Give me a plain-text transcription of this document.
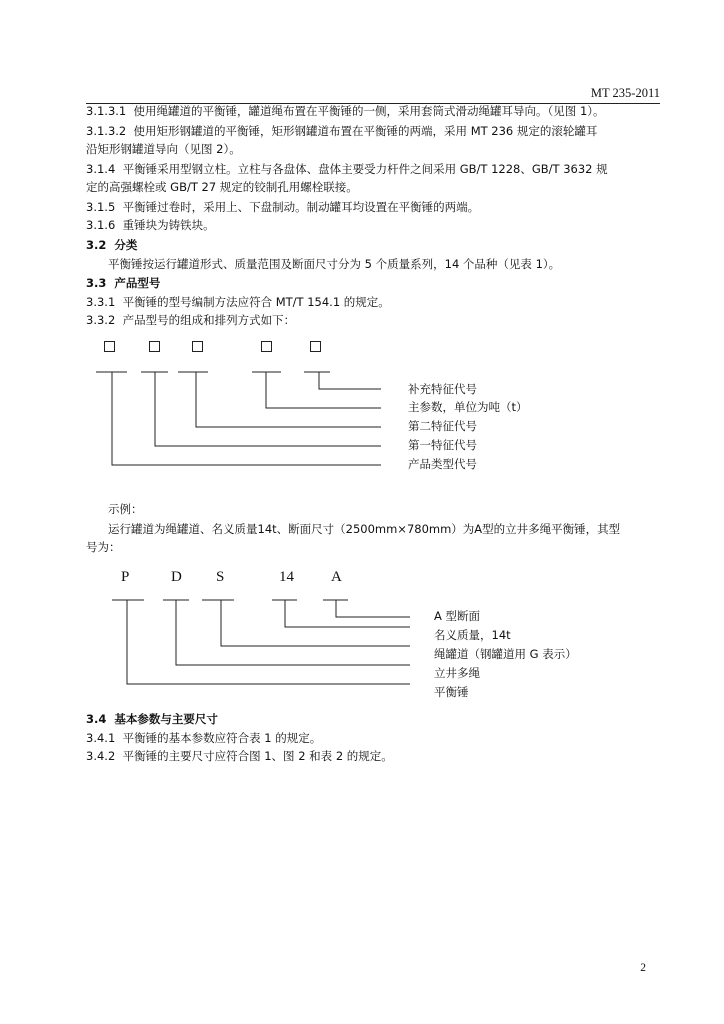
MT 235-2011
3.1.3.1 使用绳罐道的平衡锤，罐道绳布置在平衡锤的一侧，采用套筒式滑动绳罐耳导向。（见图 1）。
3.1.3.2 使用矩形钢罐道的平衡锤，矩形钢罐道布置在平衡锤的两端，采用 MT 236 规定的滚轮罐耳
沿矩形钢罐道导向（见图 2）。
3.1.4 平衡锤采用型钢立柱。立柱与各盘体、盘体主要受力杆件之间采用 GB/T 1228、GB/T 3632 规
定的高强螺栓或 GB/T 27 规定的铰制孔用螺栓联接。
3.1.5 平衡锤过卷时，采用上、下盘制动。制动罐耳均设置在平衡锤的两端。
3.1.6 重锤块为铸铁块。
3.2 分类
平衡锤按运行罐道形式、质量范围及断面尺寸分为 5 个质量系列，14 个品种（见表 1）。
3.3 产品型号
3.3.1 平衡锤的型号编制方法应符合 MT/T 154.1 的规定。
3.3.2 产品型号的组成和排列方式如下：
补充特征代号
主参数，单位为吨（t）
第二特征代号
第一特征代号
产品类型代号
示例：
运行罐道为绳罐道、名义质量14t、断面尺寸（2500mm×780mm）为A型的立井多绳平衡锤，其型
号为：
P	D S	14 A
A 型断面
名义质量，14t
绳罐道（钢罐道用 G 表示）
立井多绳
平衡锤
3.4 基本参数与主要尺寸
3.4.1 平衡锤的基本参数应符合表 1 的规定。
3.4.2 平衡锤的主要尺寸应符合图 1、图 2 和表 2 的规定。
2
